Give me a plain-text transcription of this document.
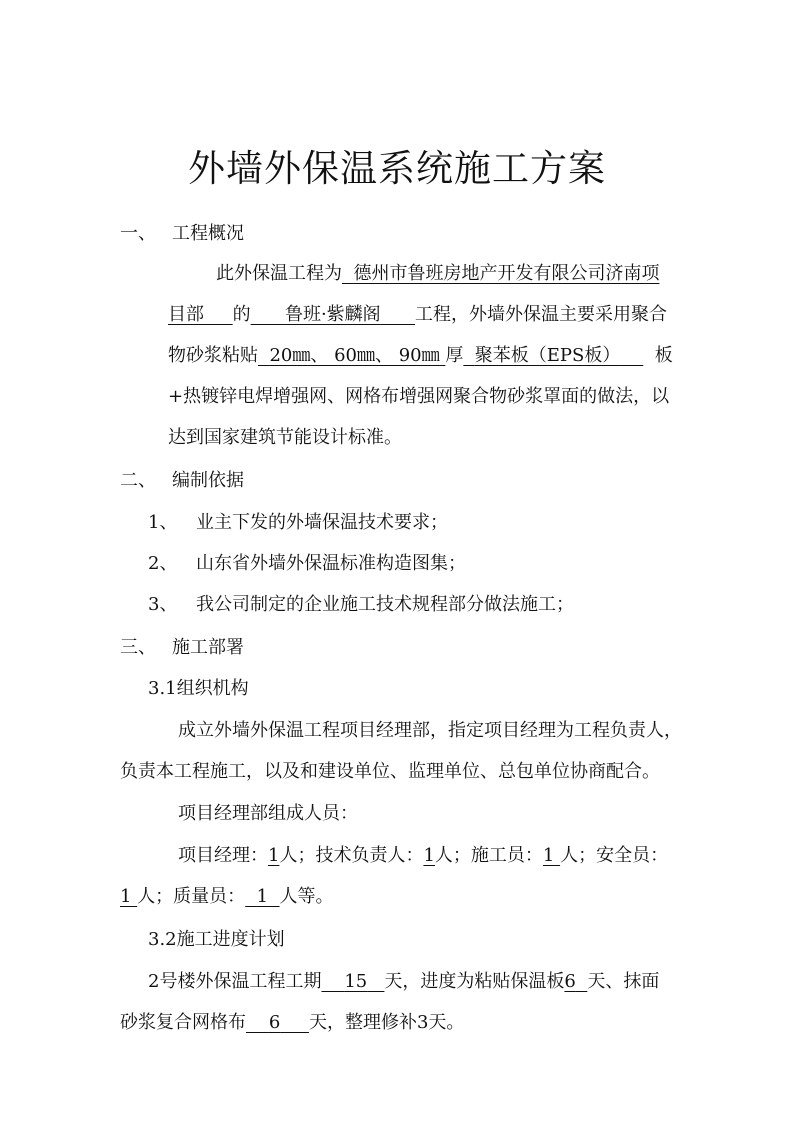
外墙外保温系统施工方案
一、 工程概况
此外保温工程为 德州市鲁班房地产开发有限公司济南项
目部 的 鲁班·紫麟阁 工程，外墙外保温主要采用聚合
物砂浆粘贴 20㎜、 60㎜、 90㎜ 厚 聚苯板（EPS板） 板
+热镀锌电焊增强网、网格布增强网聚合物砂浆罩面的做法，以
达到国家建筑节能设计标准。
二、 编制依据
1、 业主下发的外墙保温技术要求；
2、 山东省外墙外保温标准构造图集；
3、 我公司制定的企业施工技术规程部分做法施工；
三、 施工部署
3.1组织机构
成立外墙外保温工程项目经理部，指定项目经理为工程负责人，
负责本工程施工，以及和建设单位、监理单位、总包单位协商配合。
项目经理部组成人员：
项目经理：1人；技术负责人：1人；施工员：1 人；安全员：
1 人；质量员： 1 人等。
3.2施工进度计划
2号楼外保温工程工期 15 天，进度为粘贴保温板6 天、抹面
砂浆复合网格布 6 天，整理修补3天。
